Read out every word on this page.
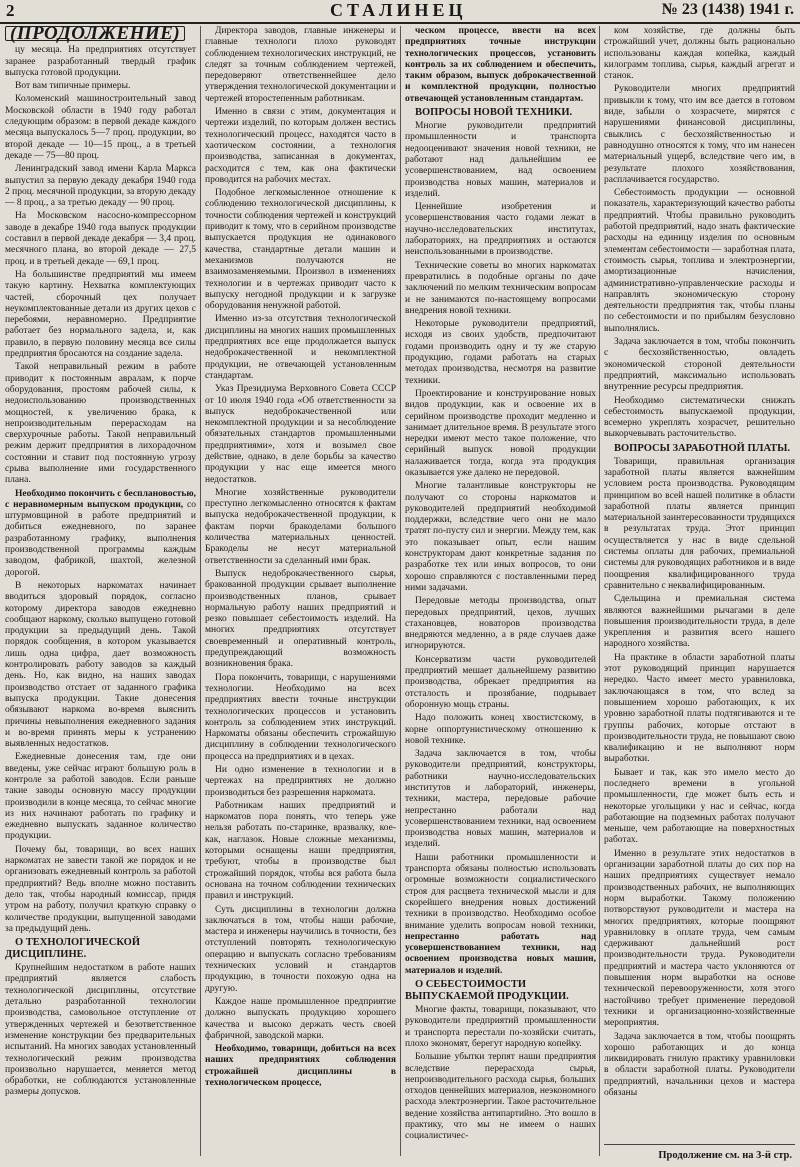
2	СТАЛИНЕЦ	№ 23 (1438) 1941 г.
(ПРОДОЛЖЕНИЕ)

цу месяца. На предприятиях отсутствует заранее разработанный твердый график выпуска готовой продукции.

Вот вам типичные примеры.

Коломенский машиностроительный завод Московской области в 1940 году работал следующим образом: в первой декаде каждого месяца выпускалось 5—7 проц. продукции, во второй декаде — 10—15 проц., а в третьей декаде — 75—80 проц.

Ленинградский завод имени Карла Маркса выпустил за первую декаду декабря 1940 года 2 проц. месячной продукции, за вторую декаду — 8 проц., а за третью декаду — 90 проц.

На Московском насосно-компрессорном заводе в декабре 1940 года выпуск продукции составил в первой декаде декабря — 3,4 проц. месячного плана, во второй декаде — 27,5 проц. и в третьей декаде — 69,1 проц.

На большинстве предприятий мы имеем такую картину. Нехватка комплектующих частей, сборочный цех получает неукомплектованные детали из других цехов с перебоями, неравномерно. Предприятие работает без нормального задела, и, как правило, в первую половину месяца все силы предприятия бросаются на создание задела.

Такой неправильный режим в работе приводит к постоянным авралам, к порче оборудования, простоям рабочей силы, к недоиспользованию производственных мощностей, к увеличению брака, к непроизводительным перерасходам на сверхурочные работы. Такой неправильный режим держит предприятия в лихорадочном состоянии и ставит под постоянную угрозу срыва выполнение ими государственного плана.

Необходимо покончить с бесплановостью, с неравномерным выпуском продукции, со штурмовщиной в работе предприятий и добиться ежедневного, по заранее разработанному графику, выполнения производственной программы каждым заводом, фабрикой, шахтой, железной дорогой.

В некоторых наркоматах начинает вводиться здоровый порядок, согласно которому директора заводов ежедневно сообщают наркому, сколько выпущено готовой продукции за предыдущий день. Такой порядок сообщения, в котором указывается лишь одна цифра, дает возможность контролировать работу заводов за каждый день. Но, как видно, на наших заводах производство отстает от заданного графика выпуска продукции. Такие донесения обязывают наркома во-время выяснить причины невыполнения ежедневного задания и во-время принять меры к устранению выявленных недостатков.

Ежедневные донесения там, где они введены, уже сейчас играют большую роль в контроле за работой заводов. Если раньше такие заводы основную массу продукции производили в конце месяца, то сейчас многие из них начинают работать по графику и ежедневно выпускать заданное количество продукции.

Почему бы, товарищи, во всех наших наркоматах не завести такой же порядок и не организовать ежедневный контроль за работой предприятий? Ведь вполне можно поставить дело так, чтобы народный комиссар, придя утром на работу, получил краткую справку о количестве продукции, выпущенной заводами за предыдущий день.

О ТЕХНОЛОГИЧЕСКОЙ ДИСЦИПЛИНЕ.

Крупнейшим недостатком в работе наших предприятий является слабость технологической дисциплины, отсутствие детально разработанной технологии производства, самовольное отступление от утвержденных чертежей и безответственное изменение конструкции без предварительных испытаний. На многих заводах установленный технологический режим производства произвольно нарушается, меняется метод обработки, не соблюдаются установленные размеры допусков.

Директора заводов, главные инженеры и главные технологи плохо руководят соблюдением технологических инструкций, не следят за точным соблюдением чертежей, передоверяют ответственнейшее дело утверждения технологической документации и чертежей второстепенным работникам.

Именно в связи с этим, документация и чертежи изделий, по которым должен вестись технологический процесс, находятся часто в хаотическом состоянии, а технология производства, записанная в документах, расходится с тем, как она фактически проводится на рабочих местах.

Подобное легкомысленное отношение к соблюдению технологической дисциплины, к точности соблюдения чертежей и конструкций приводит к тому, что в серийном производстве выпускается продукция не одинакового качества, стандартные детали машин и механизмов получаются не взаимозаменяемыми. Произвол в изменениях технологии и в чертежах приводит часто к выпуску негодной продукции и к загрузке оборудования ненужной работой.

Именно из-за отсутствия технологической дисциплины на многих наших промышленных предприятиях все еще продолжается выпуск недоброкачественной и некомплектной продукции, не отвечающей установленным стандартам.

Указ Президиума Верховного Совета СССР от 10 июля 1940 года «Об ответственности за выпуск недоброкачественной или некомплектной продукции и за несоблюдение обязательных стандартов промышленными предприятиями», хотя и возымел свое действие, однако, в деле борьбы за качество продукции у нас еще имеется много недостатков.

Многие хозяйственные руководители преступно легкомысленно относятся к фактам выпуска недоброкачественной продукции, к фактам порчи бракоделами большого количества материальных ценностей. Бракоделы не несут материальной ответственности за сделанный ими брак.

Выпуск недоброкачественного сырья, бракованной продукции срывает выполнение производственных планов, срывает нормальную работу наших предприятий и резко повышает себестоимость изделий. На многих предприятиях отсутствует своевременный и оперативный контроль, предупреждающий возможность возникновения брака.

Пора покончить, товарищи, с нарушениями технологии. Необходимо на всех предприятиях ввести точные инструкции технологических процессов и установить контроль за соблюдением этих инструкций. Наркоматы обязаны обеспечить строжайшую дисциплину в соблюдении технологического процесса на предприятиях и в цехах.

Ни одно изменение в технологии и в чертежах на предприятиях не должно производиться без разрешения наркомата.

Работникам наших предприятий и наркоматов пора понять, что теперь уже нельзя работать по-старинке, вразвалку, кое-как, наглазок. Новые сложные механизмы, которыми оснащены наши предприятия, требуют, чтобы в производстве был строжайший порядок, чтобы вся работа была основана на точном соблюдении технических правил и инструкций.

Суть дисциплины в технологии должна заключаться в том, чтобы наши рабочие, мастера и инженеры научились в точности, без отступлений повторять технологическую операцию и выпускать согласно требованиям технических условий и стандартов продукцию, в точности похожую одна на другую.

Каждое наше промышленное предприятие должно выпускать продукцию хорошего качества и высоко держать честь своей фабричной, заводской марки.

Необходимо, товарищи, добиться на всех наших предприятиях соблюдения строжайшей дисциплины в технологическом процессе,

ческом процессе, ввести на всех предприятиях точные инструкции технологических процессов, установить контроль за их соблюдением и обеспечить, таким образом, выпуск доброкачественной и комплектной продукции, полностью отвечающей установленным стандартам.

ВОПРОСЫ НОВОЙ ТЕХНИКИ.

Многие руководители предприятий промышленности и транспорта недооценивают значения новой техники, не работают над дальнейшим ее усовершенствованием, над освоением производства новых машин, материалов и изделий.

Ценнейшие изобретения и усовершенствования часто годами лежат в научно-исследовательских институтах, лабораториях, на предприятиях и остаются неиспользованными в производстве.

Технические советы во многих наркоматах превратились в подобные органы по даче заключений по мелким техническим вопросам и не занимаются по-настоящему вопросами внедрения новой техники.

Некоторые руководители предприятий, исходя из своих удобств, предпочитают годами производить одну и ту же старую продукцию, годами работать на старых методах производства, несмотря на развитие техники.

Проектирование и конструирование новых видов продукции, как и освоение их в серийном производстве проходит медленно и занимает длительное время. В результате этого нередки имеют место такое положение, что серийный выпуск новой продукции налаживается тогда, когда эта продукция оказывается уже далеко не передовой.

Многие талантливые конструкторы не получают со стороны наркоматов и руководителей предприятий необходимой поддержки, вследствие чего они не мало тратят по-пусту сил и энергии. Между тем, как это показывает опыт, если нашим конструкторам дают конкретные задания по разработке тех или иных вопросов, то они хорошо справляются с поставленными перед ними задачами.

Передовые методы производства, опыт передовых предприятий, цехов, лучших стахановцев, новаторов производства внедряются медленно, а в ряде случаев даже игнорируются.

Консерватизм части руководителей предприятий мешает дальнейшему развитию производства, обрекает предприятия на отсталость и прозябание, подрывает оборонную мощь страны.

Надо положить конец хвостистскому, в корне оппортунистическому отношению к новой технике.

Задача заключается в том, чтобы руководители предприятий, конструкторы, работники научно-исследовательских институтов и лабораторий, инженеры, техники, мастера, передовые рабочие непрестанно работали над усовершенствованием техники, над освоением производства новых машин, материалов и изделий.

Наши работники промышленности и транспорта обязаны полностью использовать огромные возможности социалистического строя для расцвета технической мысли и для скорейшего внедрения новых достижений техники в производство. Необходимо особое внимание уделить вопросам новой техники, непрестанно работать над усовершенствованием техники, над освоением производства новых машин, материалов и изделий.

О СЕБЕСТОИМОСТИ ВЫПУСКАЕМОЙ ПРОДУКЦИИ.

Многие факты, товарищи, показывают, что руководители предприятий промышленности и транспорта перестали по-хозяйски считать, плохо экономят, берегут народную копейку.

Большие убытки терпят наши предприятия вследствие перерасхода сырья, непроизводительного расхода сырья, больших отходов ценнейших материалов, неэкономного расхода электроэнергии. Такое расточительное ведение хозяйства антипартийно. Это вошло в практику, что мы не имеем о наших социалистичес-

ком хозяйстве, где должны быть строжайший учет, должны быть рационально использованы каждая копейка, каждый килограмм топлива, сырья, каждый агрегат и станок.

Руководители многих предприятий привыкли к тому, что им все дается в готовом виде, забыли о хозрасчете, мирятся с нарушениями финансовой дисциплины, свыклись с бесхозяйственностью и равнодушно относятся к тому, что им нанесен материальный ущерб, вследствие чего им, в результате плохого хозяйствования, расплачивается государство.

Себестоимость продукции — основной показатель, характеризующий качество работы предприятий. Чтобы правильно руководить работой предприятий, надо знать фактические расходы на единицу изделия по основным элементам себестоимости — заработная плата, стоимость сырья, топлива и электроэнергии, амортизационные начисления, административно-управленческие расходы и направлять экономическую сторону деятельности предприятия так, чтобы планы по себестоимости и по прибылям безусловно выполнялись.

Задача заключается в том, чтобы покончить с бесхозяйственностью, овладеть экономической стороной деятельности предприятий, максимально использовать внутренние ресурсы предприятия.

Необходимо систематически снижать себестоимость выпускаемой продукции, всемерно укреплять хозрасчет, решительно выкорчевывать расточительство.

ВОПРОСЫ ЗАРАБОТНОЙ ПЛАТЫ.

Товарищи, правильная организация заработной платы является важнейшим условием роста производства. Руководящим принципом во всей нашей политике в области заработной платы является принцип материальной заинтересованности трудящихся в результатах труда. Этот принцип осуществляется у нас в виде сдельной системы оплаты для рабочих, премиальной системы для руководящих работников и в виде поощрения квалифицированного труда сравнительно с неквалифицированным.

Сдельщина и премиальная система являются важнейшими рычагами в деле повышения производительности труда, в деле укрепления и развития всего нашего народного хозяйства.

На практике в области заработной платы этот руководящий принцип нарушается нередко. Часто имеет место уравниловка, заключающаяся в том, что вслед за повышением хорошо работающих, к их уровню заработной платы подтягиваются и те группы рабочих, которые отстают в производительности труда, не повышают свою квалификацию и не выполняют норм выработки.

Бывает и так, как это имело место до последнего времени в угольной промышленности, где может быть есть и некоторые угольщики у нас и сейчас, когда работающие на подземных работах получают меньше, чем работающие на поверхностных работах.

Именно в результате этих недостатков в организации заработной платы до сих пор на наших предприятиях существует немало производственных рабочих, не выполняющих норм выработки. Такому положению потворствуют руководители и мастера на многих предприятиях, которые поощряют уравниловку в оплате труда, чем самым сдерживают дальнейший рост производительности труда. Руководители предприятий и мастера часто уклоняются от повышения норм выработки на основе технической перевооруженности, хотя этого настойчиво требует применение передовой техники и организационно-хозяйственные мероприятия.

Задача заключается в том, чтобы поощрять хорошо работающих и до конца ликвидировать гнилую практику уравниловки в области заработной платы. Руководители предприятий, начальники цехов и мастера обязаны

Продолжение см. на 3-й стр.
